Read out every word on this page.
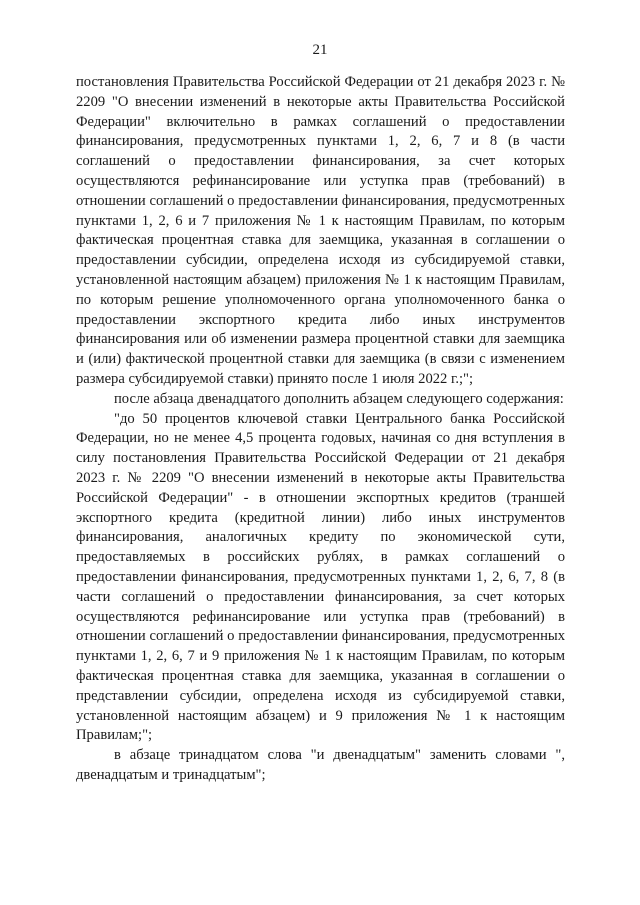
21

постановления Правительства Российской Федерации от 21 декабря 2023 г. № 2209 "О внесении изменений в некоторые акты Правительства Российской Федерации" включительно в рамках соглашений о предоставлении финансирования, предусмотренных пунктами 1, 2, 6, 7 и 8 (в части соглашений о предоставлении финансирования, за счет которых осуществляются рефинансирование или уступка прав (требований) в отношении соглашений о предоставлении финансирования, предусмотренных пунктами 1, 2, 6 и 7 приложения № 1 к настоящим Правилам, по которым фактическая процентная ставка для заемщика, указанная в соглашении о предоставлении субсидии, определена исходя из субсидируемой ставки, установленной настоящим абзацем) приложения № 1 к настоящим Правилам, по которым решение уполномоченного органа уполномоченного банка о предоставлении экспортного кредита либо иных инструментов финансирования или об изменении размера процентной ставки для заемщика и (или) фактической процентной ставки для заемщика (в связи с изменением размера субсидируемой ставки) принято после 1 июля 2022 г.;";

после абзаца двенадцатого дополнить абзацем следующего содержания:

"до 50 процентов ключевой ставки Центрального банка Российской Федерации, но не менее 4,5 процента годовых, начиная со дня вступления в силу постановления Правительства Российской Федерации от 21 декабря 2023 г. № 2209 "О внесении изменений в некоторые акты Правительства Российской Федерации" - в отношении экспортных кредитов (траншей экспортного кредита (кредитной линии) либо иных инструментов финансирования, аналогичных кредиту по экономической сути, предоставляемых в российских рублях, в рамках соглашений о предоставлении финансирования, предусмотренных пунктами 1, 2, 6, 7, 8 (в части соглашений о предоставлении финансирования, за счет которых осуществляются рефинансирование или уступка прав (требований) в отношении соглашений о предоставлении финансирования, предусмотренных пунктами 1, 2, 6, 7 и 9 приложения № 1 к настоящим Правилам, по которым фактическая процентная ставка для заемщика, указанная в соглашении о представлении субсидии, определена исходя из субсидируемой ставки, установленной настоящим абзацем) и 9 приложения № 1 к настоящим Правилам;";

в абзаце тринадцатом слова "и двенадцатым" заменить словами ", двенадцатым и тринадцатым";
